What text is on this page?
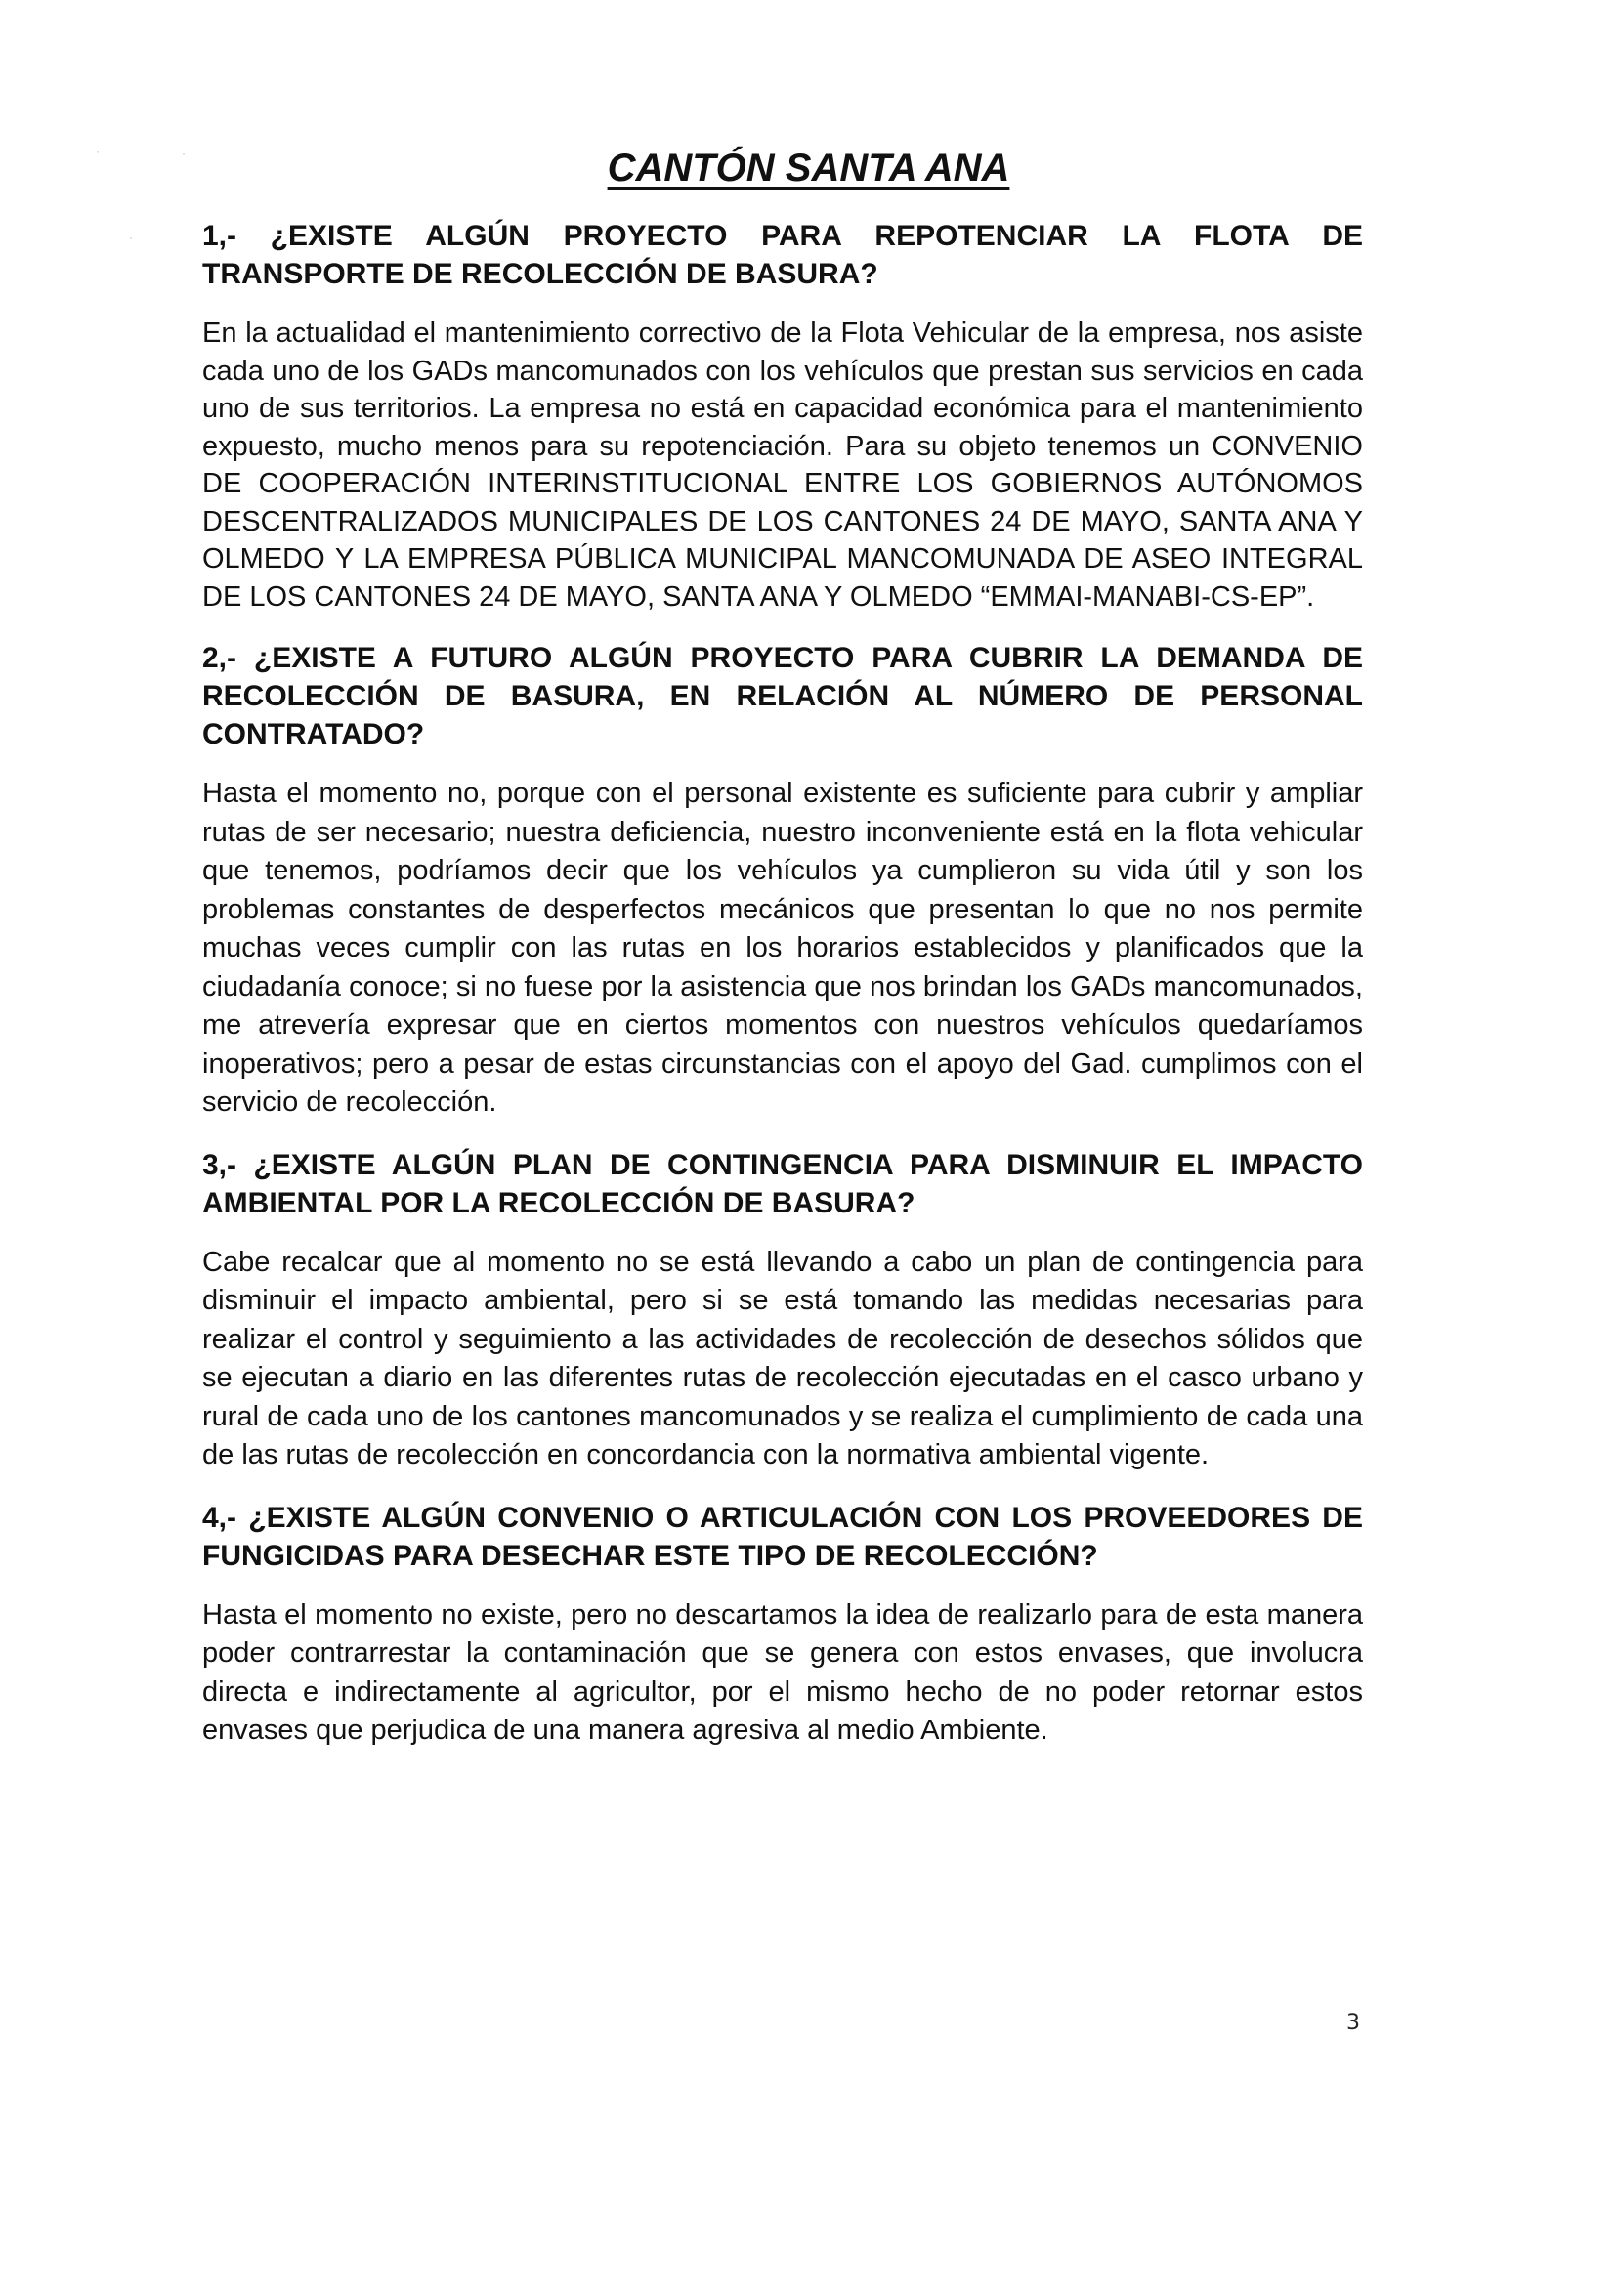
·	·
·
CANTÓN SANTA ANA

1,- ¿EXISTE ALGÚN PROYECTO PARA REPOTENCIAR LA FLOTA DE TRANSPORTE DE RECOLECCIÓN DE BASURA?

En la actualidad el mantenimiento correctivo de la Flota Vehicular de la empresa, nos asiste cada uno de los GADs mancomunados con los vehículos que prestan sus servicios en cada uno de sus territorios. La empresa no está en capacidad económica para el mantenimiento expuesto, mucho menos para su repotenciación. Para su objeto tenemos un CONVENIO DE COOPERACIÓN INTERINSTITUCIONAL ENTRE LOS GOBIERNOS AUTÓNOMOS DESCENTRALIZADOS MUNICIPALES DE LOS CANTONES 24 DE MAYO, SANTA ANA Y OLMEDO Y LA EMPRESA PÚBLICA MUNICIPAL MANCOMUNADA DE ASEO INTEGRAL DE LOS CANTONES 24 DE MAYO, SANTA ANA Y OLMEDO “EMMAI-MANABI-CS-EP”.

2,- ¿EXISTE A FUTURO ALGÚN PROYECTO PARA CUBRIR LA DEMANDA DE RECOLECCIÓN DE BASURA, EN RELACIÓN AL NÚMERO DE PERSONAL CONTRATADO?

Hasta el momento no, porque con el personal existente es suficiente para cubrir y ampliar rutas de ser necesario; nuestra deficiencia, nuestro inconveniente está en la flota vehicular que tenemos, podríamos decir que los vehículos ya cumplieron su vida útil y son los problemas constantes de desperfectos mecánicos que presentan lo que no nos permite muchas veces cumplir con las rutas en los horarios establecidos y planificados que la ciudadanía conoce; si no fuese por la asistencia que nos brindan los GADs mancomunados, me atrevería expresar que en ciertos momentos con nuestros vehículos quedaríamos inoperativos; pero a pesar de estas circunstancias con el apoyo del Gad. cumplimos con el servicio de recolección.

3,- ¿EXISTE ALGÚN PLAN DE CONTINGENCIA PARA DISMINUIR EL IMPACTO AMBIENTAL POR LA RECOLECCIÓN DE BASURA?

Cabe recalcar que al momento no se está llevando a cabo un plan de contingencia para disminuir el impacto ambiental, pero si se está tomando las medidas necesarias para realizar el control y seguimiento a las actividades de recolección de desechos sólidos que se ejecutan a diario en las diferentes rutas de recolección ejecutadas en el casco urbano y rural de cada uno de los cantones mancomunados y se realiza el cumplimiento de cada una de las rutas de recolección en concordancia con la normativa ambiental vigente.

4,- ¿EXISTE ALGÚN CONVENIO O ARTICULACIÓN CON LOS PROVEEDORES DE FUNGICIDAS PARA DESECHAR ESTE TIPO DE RECOLECCIÓN?

Hasta el momento no existe, pero no descartamos la idea de realizarlo para de esta manera poder contrarrestar la contaminación que se genera con estos envases, que involucra directa e indirectamente al agricultor, por el mismo hecho de no poder retornar estos envases que perjudica de una manera agresiva al medio Ambiente.

3
